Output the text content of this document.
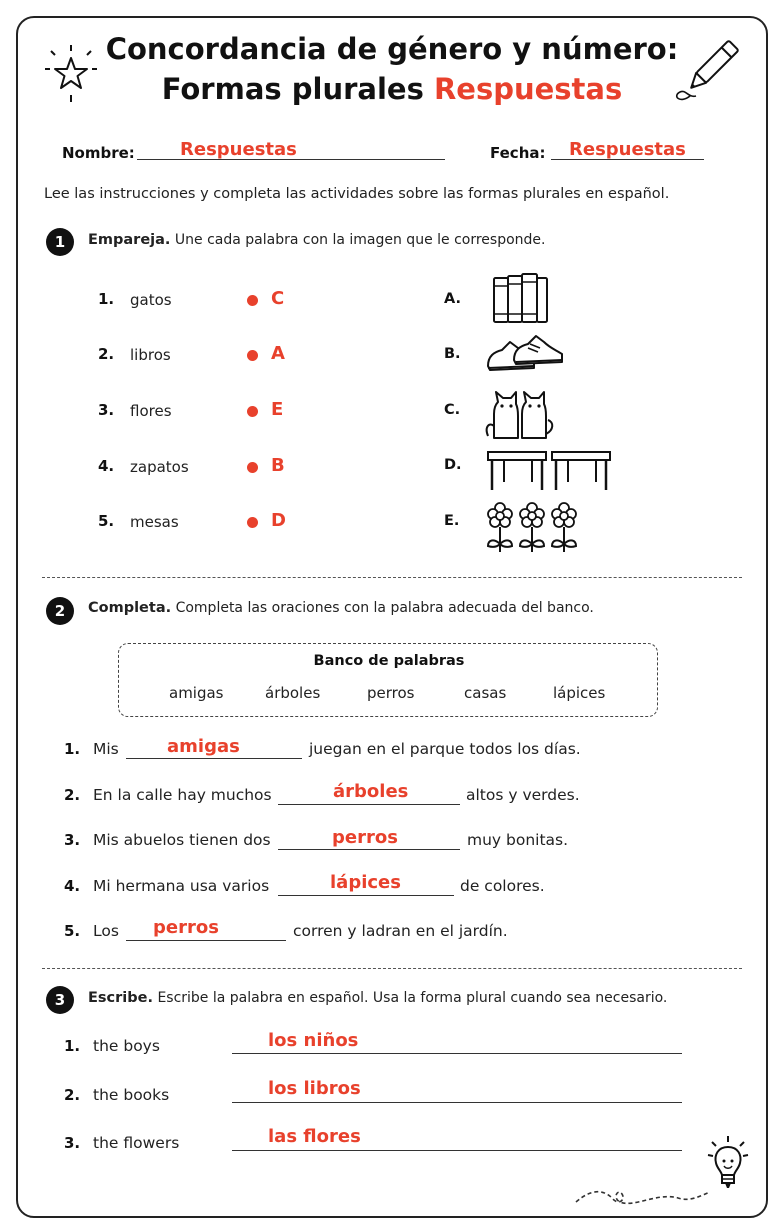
Concordancia de género y número:
Formas plurales Respuestas
Nombre:	Respuestas	Fecha: Respuestas
Lee las instrucciones y completa las actividades sobre las formas plurales en español.
1	Empareja. Une cada palabra con la imagen que le corresponde.
1. gatos	C
2. libros	A
3. flores	E
4. zapatos	B
5. mesas	D
A.
B.
C.
D.
E.
2	Completa. Completa las oraciones con la palabra adecuada del banco.
Banco de palabras
amigas	árboles	perros	casas	lápices
1. Mis	amigas	juegan en el parque todos los días.
2. En la calle hay muchos	árboles	altos y verdes.
3. Mis abuelos tienen dos	perros	muy bonitas.
4. Mi hermana usa varios	lápices	de colores.
5. Los perros	corren y ladran en el jardín.
3	Escribe. Escribe la palabra en español. Usa la forma plural cuando sea necesario.
1. the boys	los niños
2. the books	los libros
3. the flowers	las flores
